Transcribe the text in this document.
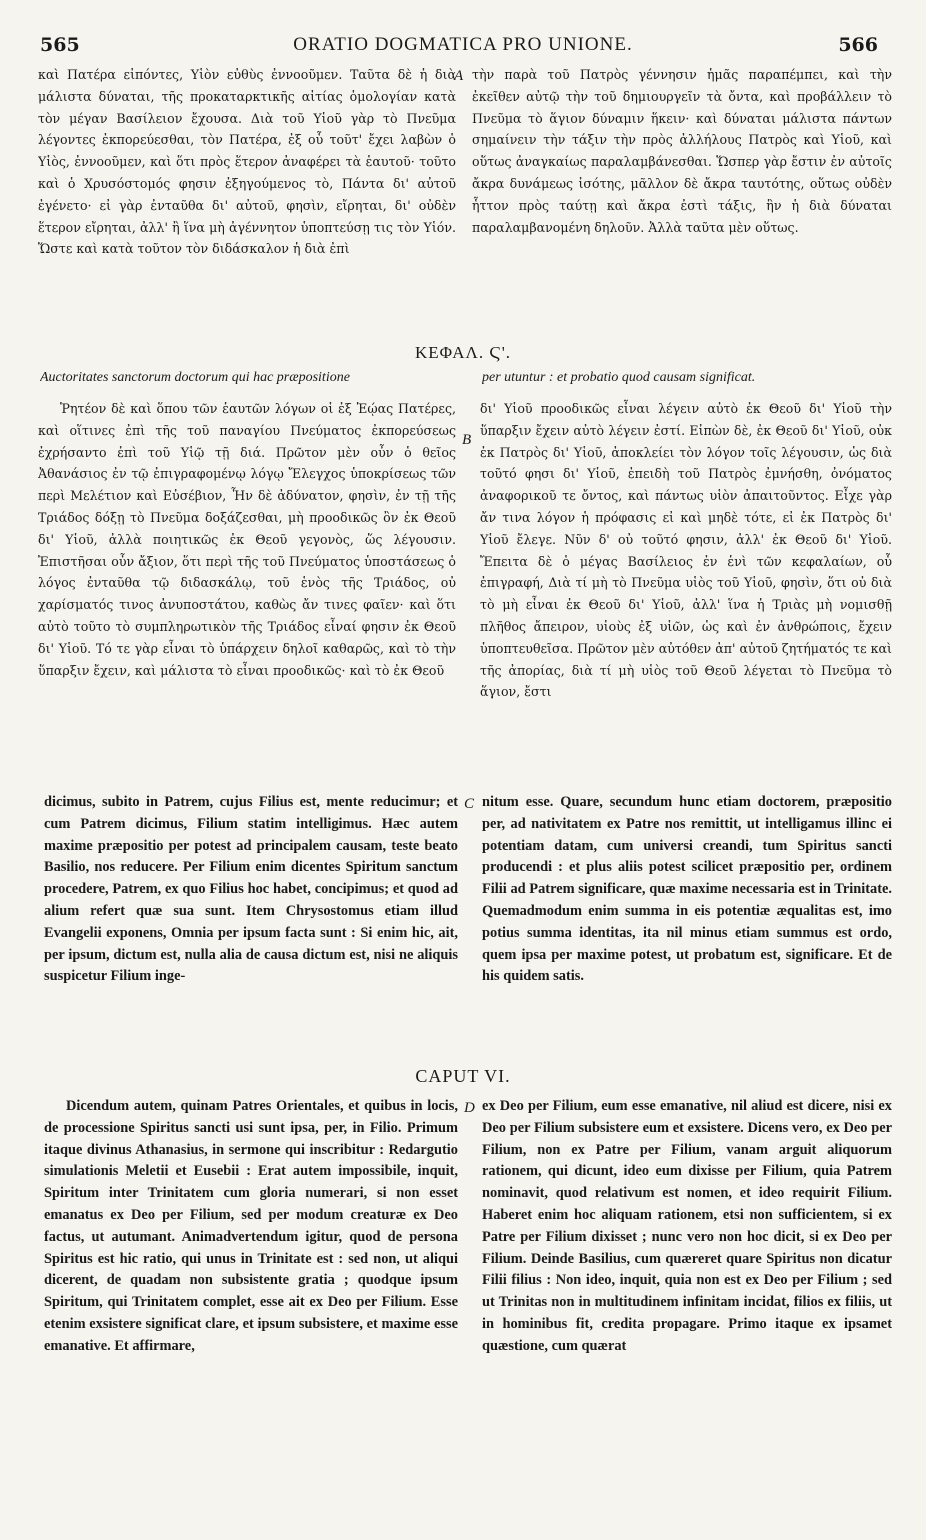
565	ORATIO DOGMATICA PRO UNIONE.	566

καὶ Πατέρα εἰπόντες, Υἱὸν εὐθὺς ἐννοοῦμεν. Ταῦτα δὲ ἡ διὰ μάλιστα δύναται, τῆς προκαταρκτικῆς αἰτίας ὁμολογίαν κατὰ τὸν μέγαν Βασίλειον ἔχουσα. Διὰ τοῦ Υἱοῦ γὰρ τὸ Πνεῦμα λέγοντες ἐκπορεύεσθαι, τὸν Πατέρα, ἐξ οὗ τοῦτ' ἔχει λαβὼν ὁ Υἱὸς, ἐννοοῦμεν, καὶ ὅτι πρὸς ἕτερον ἀναφέρει τὰ ἑαυτοῦ· τοῦτο καὶ ὁ Χρυσόστομός φησιν ἐξηγούμενος τὸ, Πάντα δι' αὐτοῦ ἐγένετο· εἰ γὰρ ἐνταῦθα δι' αὐτοῦ, φησὶν, εἴρηται, δι' οὐδὲν ἕτερον εἴρηται, ἀλλ' ἢ ἵνα μὴ ἀγέννητον ὑποπτεύσῃ τις τὸν Υἱόν. Ὥστε καὶ κατὰ τοῦτον τὸν διδάσκαλον ἡ διὰ ἐπὶ

A τὴν παρὰ τοῦ Πατρὸς γέννησιν ἡμᾶς παραπέμπει, καὶ τὴν ἐκεῖθεν αὐτῷ τὴν τοῦ δημιουργεῖν τὰ ὄντα, καὶ προβάλλειν τὸ Πνεῦμα τὸ ἅγιον δύναμιν ἥκειν· καὶ δύναται μάλιστα πάντων σημαίνειν τὴν τάξιν τὴν πρὸς ἀλλήλους Πατρὸς καὶ Υἱοῦ, καὶ οὕτως ἀναγκαίως παραλαμβάνεσθαι. Ὥσπερ γὰρ ἔστιν ἐν αὐτοῖς ἄκρα δυνάμεως ἰσότης, μᾶλλον δὲ ἄκρα ταυτότης, οὕτως οὐδὲν ἧττον πρὸς ταύτῃ καὶ ἄκρα ἐστὶ τάξις, ἣν ἡ διὰ δύναται παραλαμβανομένη δηλοῦν. Ἀλλὰ ταῦτα μὲν οὕτως.

ΚΕΦΑΛ. Ϛ'.
Auctoritates sanctorum doctorum qui hac præpositione	per utuntur : et probatio quod causam significat.

Ῥητέον δὲ καὶ ὅπου τῶν ἑαυτῶν λόγων οἱ ἐξ Ἑῴας Πατέρες, καὶ οἵτινες ἐπὶ τῆς τοῦ παναγίου Πνεύματος ἐκπορεύσεως ἐχρήσαντο ἐπὶ τοῦ Υἱῷ τῇ διά. Πρῶτον μὲν οὖν ὁ θεῖος Ἀθανάσιος ἐν τῷ ἐπιγραφομένῳ λόγῳ Ἔλεγχος ὑποκρίσεως τῶν περὶ Μελέτιον καὶ Εὐσέβιον, Ἦν δὲ ἀδύνατον, φησὶν, ἐν τῇ τῆς Τριάδος δόξῃ τὸ Πνεῦμα δοξάζεσθαι, μὴ προοδικῶς ὂν ἐκ Θεοῦ δι' Υἱοῦ, ἀλλὰ ποιητικῶς ἐκ Θεοῦ γεγονὸς, ὥς λέγουσιν. Ἐπιστῆσαι οὖν ἄξιον, ὅτι περὶ τῆς τοῦ Πνεύματος ὑποστάσεως ὁ λόγος ἐνταῦθα τῷ διδασκάλῳ, τοῦ ἑνὸς τῆς Τριάδος, οὐ χαρίσματός τινος ἀνυποστάτου, καθὼς ἄν τινες φαῖεν· καὶ ὅτι αὐτὸ τοῦτο τὸ συμπληρωτικὸν τῆς Τριάδος εἶναί φησιν ἐκ Θεοῦ δι' Υἱοῦ. Τό τε γὰρ εἶναι τὸ ὑπάρχειν δηλοῖ καθαρῶς, καὶ τὸ τὴν ὕπαρξιν ἔχειν, καὶ μάλιστα τὸ εἶναι προοδικῶς· καὶ τὸ ἐκ Θεοῦ

B

δι' Υἱοῦ προοδικῶς εἶναι λέγειν αὐτὸ ἐκ Θεοῦ δι' Υἱοῦ τὴν ὕπαρξιν ἔχειν αὐτὸ λέγειν ἐστί. Εἰπὼν δὲ, ἐκ Θεοῦ δι' Υἱοῦ, οὐκ ἐκ Πατρὸς δι' Υἱοῦ, ἀποκλείει τὸν λόγον τοῖς λέγουσιν, ὡς διὰ τοῦτό φησι δι' Υἱοῦ, ἐπειδὴ τοῦ Πατρὸς ἐμνήσθη, ὀνόματος ἀναφορικοῦ τε ὄντος, καὶ πάντως υἱὸν ἀπαιτοῦντος. Εἶχε γὰρ ἄν τινα λόγον ἡ πρόφασις εἰ καὶ μηδὲ τότε, εἰ ἐκ Πατρὸς δι' Υἱοῦ ἔλεγε. Νῦν δ' οὐ τοῦτό φησιν, ἀλλ' ἐκ Θεοῦ δι' Υἱοῦ. Ἔπειτα δὲ ὁ μέγας Βασίλειος ἐν ἑνὶ τῶν κεφαλαίων, οὗ ἐπιγραφή, Διὰ τί μὴ τὸ Πνεῦμα υἱὸς τοῦ Υἱοῦ, φησὶν, ὅτι οὐ διὰ τὸ μὴ εἶναι ἐκ Θεοῦ δι' Υἱοῦ, ἀλλ' ἵνα ἡ Τριὰς μὴ νομισθῇ πλῆθος ἄπειρον, υἱοὺς ἐξ υἱῶν, ὡς καὶ ἐν ἀνθρώποις, ἔχειν ὑποπτευθεῖσα. Πρῶτον μὲν αὐτόθεν ἀπ' αὐτοῦ ζητήματός τε καὶ τῆς ἀπορίας, διὰ τί μὴ υἱὸς τοῦ Θεοῦ λέγεται τὸ Πνεῦμα τὸ ἅγιον, ἔστι

dicimus, subito in Patrem, cujus Filius est, mente reducimur; et cum Patrem dicimus, Filium statim intelligimus. Hæc autem maxime præpositio per potest ad principalem causam, teste beato Basilio, nos reducere. Per Filium enim dicentes Spiritum sanctum procedere, Patrem, ex quo Filius hoc habet, concipimus; et quod ad alium refert quæ sua sunt. Item Chrysostomus etiam illud Evangelii exponens, Omnia per ipsum facta sunt : Si enim hic, ait, per ipsum, dictum est, nulla alia de causa dictum est, nisi ne aliquis suspicetur Filium inge-

C nitum esse. Quare, secundum hunc etiam doctorem, præpositio per, ad nativitatem ex Patre nos remittit, ut intelligamus illinc ei potentiam datam, cum universi creandi, tum Spiritus sancti producendi : et plus aliis potest scilicet præpositio per, ordinem Filii ad Patrem significare, quæ maxime necessaria est in Trinitate. Quemadmodum enim summa in eis potentiæ æqualitas est, imo potius summa identitas, ita nil minus etiam summus est ordo, quem ipsa per maxime potest, ut probatum est, significare. Et de his quidem satis.

CAPUT VI.

Dicendum autem, quinam Patres Orientales, et quibus in locis, de processione Spiritus sancti usi sunt ipsa, per, in Filio. Primum itaque divinus Athanasius, in sermone qui inscribitur : Redargutio simulationis Meletii et Eusebii : Erat autem impossibile, inquit, Spiritum inter Trinitatem cum gloria numerari, si non esset emanatus ex Deo per Filium, sed per modum creaturæ ex Deo factus, ut autumant. Animadvertendum igitur, quod de persona Spiritus est hic ratio, qui unus in Trinitate est : sed non, ut aliqui dicerent, de quadam non subsistente gratia ; quodque ipsum Spiritum, qui Trinitatem complet, esse ait ex Deo per Filium. Esse etenim exsistere significat clare, et ipsum subsistere, et maxime esse emanative. Et affirmare,

D ex Deo per Filium, eum esse emanative, nil aliud est dicere, nisi ex Deo per Filium subsistere eum et exsistere. Dicens vero, ex Deo per Filium, non ex Patre per Filium, vanam arguit aliquorum rationem, qui dicunt, ideo eum dixisse per Filium, quia Patrem nominavit, quod relativum est nomen, et ideo requirit Filium. Haberet enim hoc aliquam rationem, etsi non sufficientem, si ex Patre per Filium dixisset ; nunc vero non hoc dicit, si ex Deo per Filium. Deinde Basilius, cum quæreret quare Spiritus non dicatur Filii filius : Non ideo, inquit, quia non est ex Deo per Filium ; sed ut Trinitas non in multitudinem infinitam incidat, filios ex filiis, ut in hominibus fit, credita propagare. Primo itaque ex ipsamet quæstione, cum quærat
